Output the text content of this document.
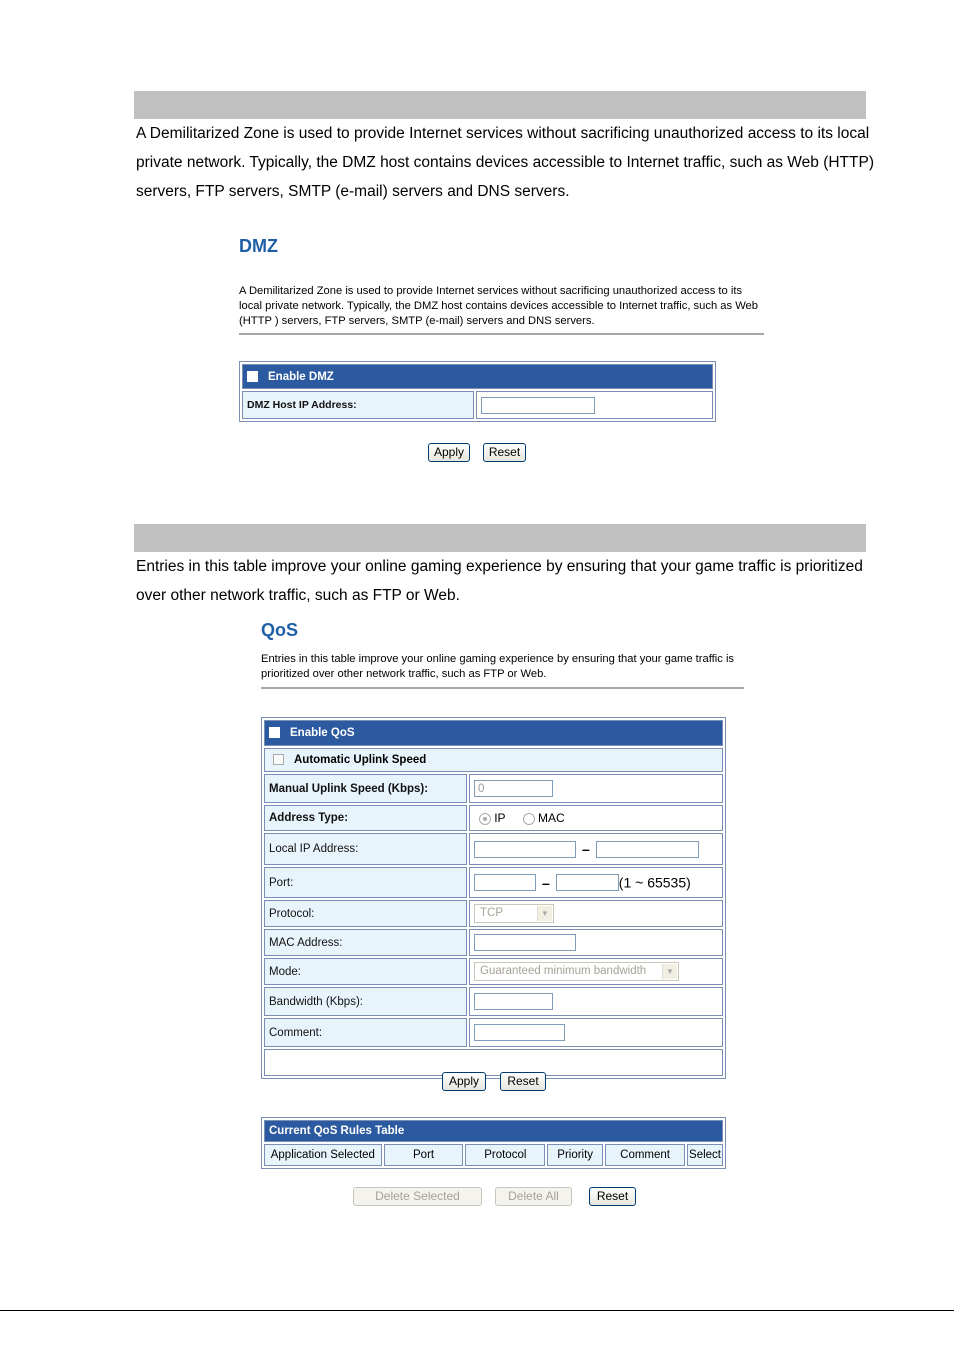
A Demilitarized Zone is used to provide Internet services without sacrificing unauthorized access to its local private network. Typically, the DMZ host contains devices accessible to Internet traffic, such as Web (HTTP) servers, FTP servers, SMTP (e-mail) servers and DNS servers.

DMZ
A Demilitarized Zone is used to provide Internet services without sacrificing unauthorized access to its local private network. Typically, the DMZ host contains devices accessible to Internet traffic, such as Web (HTTP ) servers, FTP servers, SMTP (e-mail) servers and DNS servers.
Enable DMZ
DMZ Host IP Address:	
Apply	Reset

Entries in this table improve your online gaming experience by ensuring that your game traffic is prioritized over other network traffic, such as FTP or Web.

QoS
Entries in this table improve your online gaming experience by ensuring that your game traffic is prioritized over other network traffic, such as FTP or Web.
Enable QoS	
Automatic Uplink Speed	
Manual Uplink Speed (Kbps):	0
Address Type:	IP MAC
Local IP Address:	–
Port:	– (1 ~ 65535)
Protocol:	TCP ▼

MAC Address:	
Mode:	Guaranteed minimum bandwidth ▼

Bandwidth (Kbps):	
Comment:	

Apply	Reset
Current QoS Rules Table
Application Selected	Port	Protocol	Priority	Comment	Select
Delete Selected	Delete All	Reset
